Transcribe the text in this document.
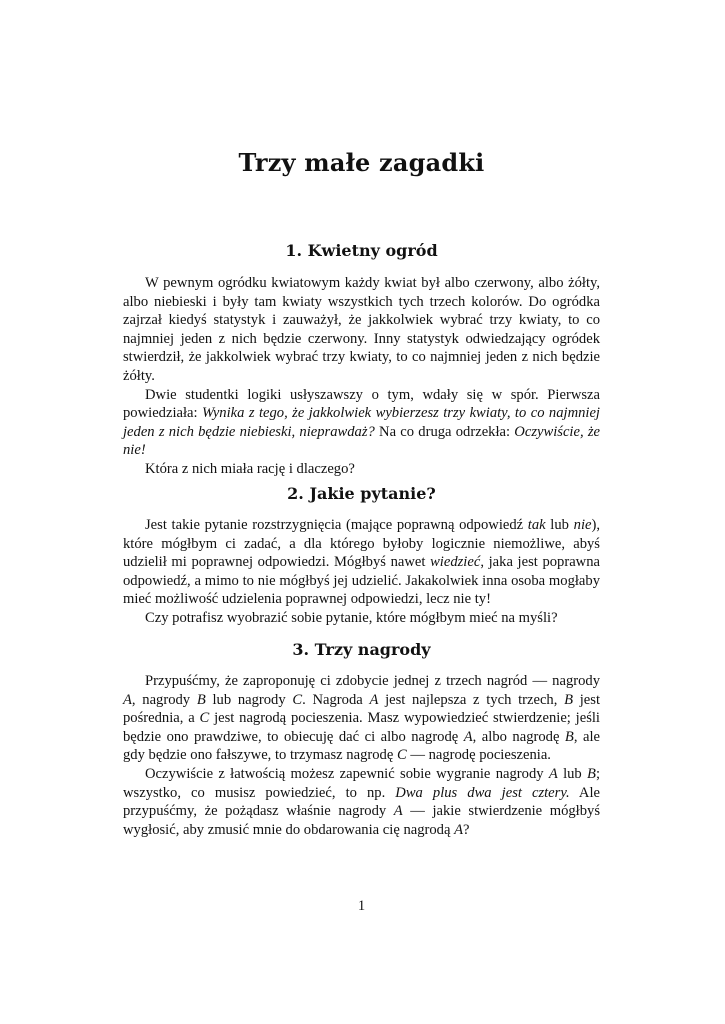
Trzy małe zagadki
1. Kwietny ogród

W pewnym ogródku kwiatowym każdy kwiat był albo czerwony, albo żółty, albo niebieski i były tam kwiaty wszystkich tych trzech kolorów. Do ogródka zajrzał kiedyś statystyk i zauważył, że jakkolwiek wybrać trzy kwiaty, to co najmniej jeden z nich będzie czerwony. Inny statystyk odwiedzający ogródek stwierdził, że jakkolwiek wybrać trzy kwiaty, to co najmniej jeden z nich będzie żółty.

Dwie studentki logiki usłyszawszy o tym, wdały się w spór. Pierwsza powiedziała: Wynika z tego, że jakkolwiek wybierzesz trzy kwiaty, to co najmniej jeden z nich będzie niebieski, nieprawdaż? Na co druga odrzekła: Oczywiście, że nie!

Która z nich miała rację i dlaczego?

2. Jakie pytanie?

Jest takie pytanie rozstrzygnięcia (mające poprawną odpowiedź tak lub nie), które mógłbym ci zadać, a dla którego byłoby logicznie niemożliwe, abyś udzielił mi poprawnej odpowiedzi. Mógłbyś nawet wiedzieć, jaka jest poprawna odpowiedź, a mimo to nie mógłbyś jej udzielić. Jakakolwiek inna osoba mogłaby mieć możliwość udzielenia poprawnej odpowiedzi, lecz nie ty!

Czy potrafisz wyobrazić sobie pytanie, które mógłbym mieć na myśli?

3. Trzy nagrody

Przypuśćmy, że zaproponuję ci zdobycie jednej z trzech nagród — nagrody A, nagrody B lub nagrody C. Nagroda A jest najlepsza z tych trzech, B jest pośrednia, a C jest nagrodą pocieszenia. Masz wypowiedzieć stwierdzenie; jeśli będzie ono prawdziwe, to obiecuję dać ci albo nagrodę A, albo nagrodę B, ale gdy będzie ono fałszywe, to trzymasz nagrodę C — nagrodę pocieszenia.

Oczywiście z łatwością możesz zapewnić sobie wygranie nagrody A lub B; wszystko, co musisz powiedzieć, to np. Dwa plus dwa jest cztery. Ale przypuśćmy, że pożądasz właśnie nagrody A — jakie stwierdzenie mógłbyś wygłosić, aby zmusić mnie do obdarowania cię nagrodą A?

1
